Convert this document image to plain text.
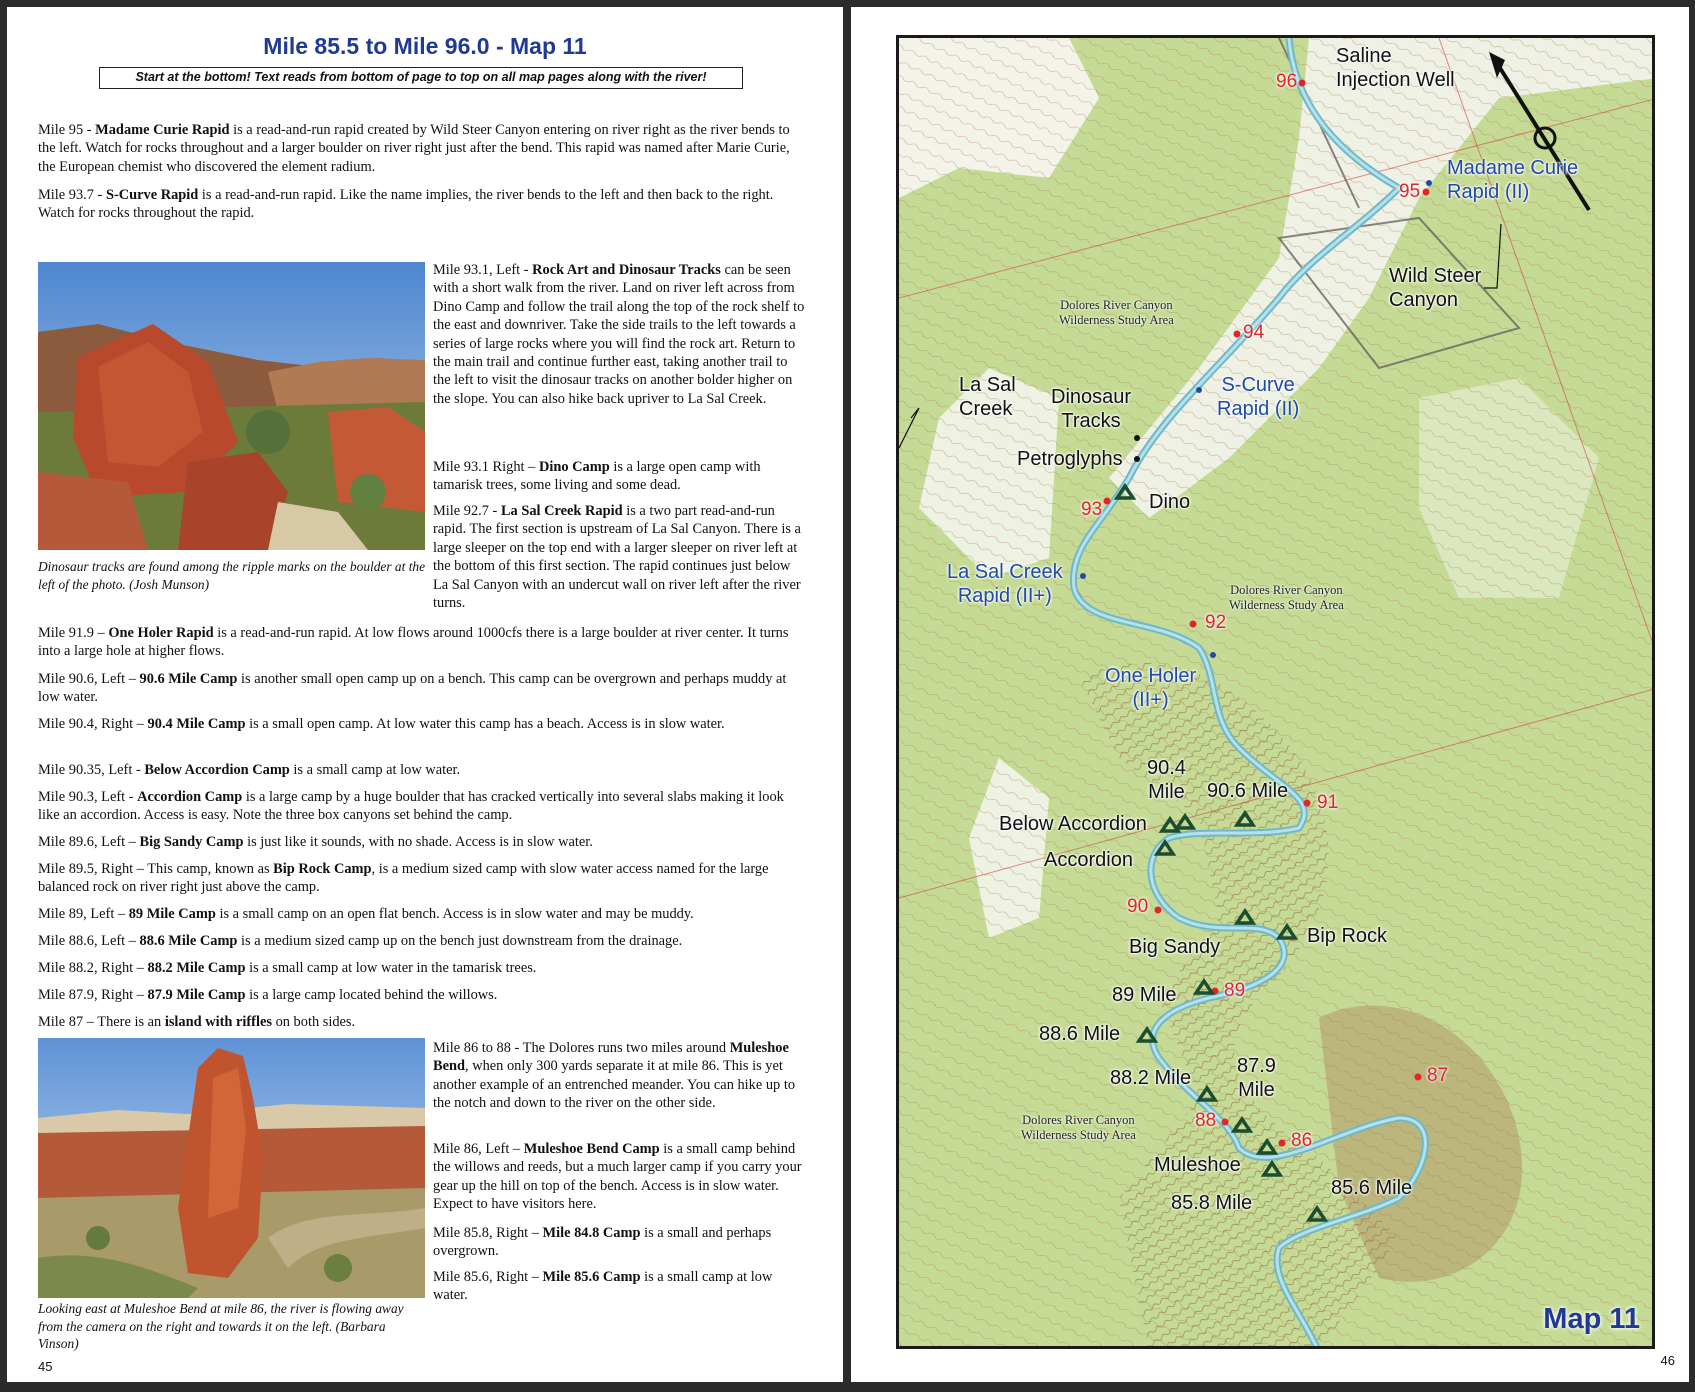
Mile 85.5 to Mile 96.0 - Map 11
Start at the bottom! Text reads from bottom of page to top on all map pages along with the river!
Mile 95 - Madame Curie Rapid is a read-and-run rapid created by Wild Steer Canyon entering on river right as the river bends to the left. Watch for rocks throughout and a larger boulder on river right just after the bend. This rapid was named after Marie Curie, the European chemist who discovered the element radium.
Mile 93.7 - S-Curve Rapid is a read-and-run rapid. Like the name implies, the river bends to the left and then back to the right. Watch for rocks throughout the rapid.
Dinosaur tracks are found among the ripple marks on the boulder at the left of the photo. (Josh Munson)
Mile 93.1, Left - Rock Art and Dinosaur Tracks can be seen with a short walk from the river. Land on river left across from Dino Camp and follow the trail along the top of the rock shelf to the east and downriver. Take the side trails to the left towards a series of large rocks where you will find the rock art. Return to the main trail and continue further east, taking another trail to the left to visit the dinosaur tracks on another bolder higher on the slope. You can also hike back upriver to La Sal Creek.
Mile 93.1 Right – Dino Camp is a large open camp with tamarisk trees, some living and some dead.
Mile 92.7 - La Sal Creek Rapid is a two part read-and-run rapid. The first section is upstream of La Sal Canyon. There is a large sleeper on the top end with a larger sleeper on river left at the bottom of this first section. The rapid continues just below La Sal Canyon with an undercut wall on river left after the river turns.
Mile 91.9 – One Holer Rapid is a read-and-run rapid. At low flows around 1000cfs there is a large boulder at river center. It turns into a large hole at higher flows.
Mile 90.6, Left – 90.6 Mile Camp is another small open camp up on a bench. This camp can be overgrown and perhaps muddy at low water.
Mile 90.4, Right – 90.4 Mile Camp is a small open camp. At low water this camp has a beach. Access is in slow water.
Mile 90.35, Left - Below Accordion Camp is a small camp at low water.
Mile 90.3, Left - Accordion Camp is a large camp by a huge boulder that has cracked vertically into several slabs making it look like an accordion. Access is easy. Note the three box canyons set behind the camp.
Mile 89.6, Left – Big Sandy Camp is just like it sounds, with no shade. Access is in slow water.
Mile 89.5, Right – This camp, known as Bip Rock Camp, is a medium sized camp with slow water access named for the large balanced rock on river right just above the camp.
Mile 89, Left – 89 Mile Camp is a small camp on an open flat bench. Access is in slow water and may be muddy.
Mile 88.6, Left – 88.6 Mile Camp is a medium sized camp up on the bench just downstream from the drainage.
Mile 88.2, Right – 88.2 Mile Camp is a small camp at low water in the tamarisk trees.
Mile 87.9, Right – 87.9 Mile Camp is a large camp located behind the willows.
Mile 87 – There is an island with riffles on both sides.
Looking east at Muleshoe Bend at mile 86, the river is flowing away from the camera on the right and towards it on the left. (Barbara Vinson)
Mile 86 to 88 - The Dolores runs two miles around Muleshoe Bend, when only 300 yards separate it at mile 86. This is yet another example of an entrenched meander. You can hike up to the notch and down to the river on the other side.
Mile 86, Left – Muleshoe Bend Camp is a small camp behind the willows and reeds, but a much larger camp if you carry your gear up the hill on top of the bench. Access is in slow water. Expect to have visitors here.
Mile 85.8, Right – Mile 84.8 Camp is a small and perhaps overgrown.
Mile 85.6, Right – Mile 85.6 Camp is a small camp at low water.
45
Saline
Injection Well
Madame Curie
Rapid (II)
Wild Steer
Canyon
La Sal
Creek
Dinosaur
Tracks
S-Curve
Rapid (II)
Petroglyphs
Dino
La Sal Creek
Rapid (II+)
One Holer
(II+)
90.4
Mile 90.6 Mile
Below Accordion
Accordion
Big Sandy	Bip Rock
89 Mile
88.6 Mile
88.2 Mile
87.9
Mile
Muleshoe
85.8 Mile
85.6 Mile
Dolores River Canyon
Wilderness Study Area
Dolores River Canyon
Wilderness Study Area
Dolores River Canyon
Wilderness Study Area
96
95
94
93
92
91
90
89
88
87
86
Map 11
46
